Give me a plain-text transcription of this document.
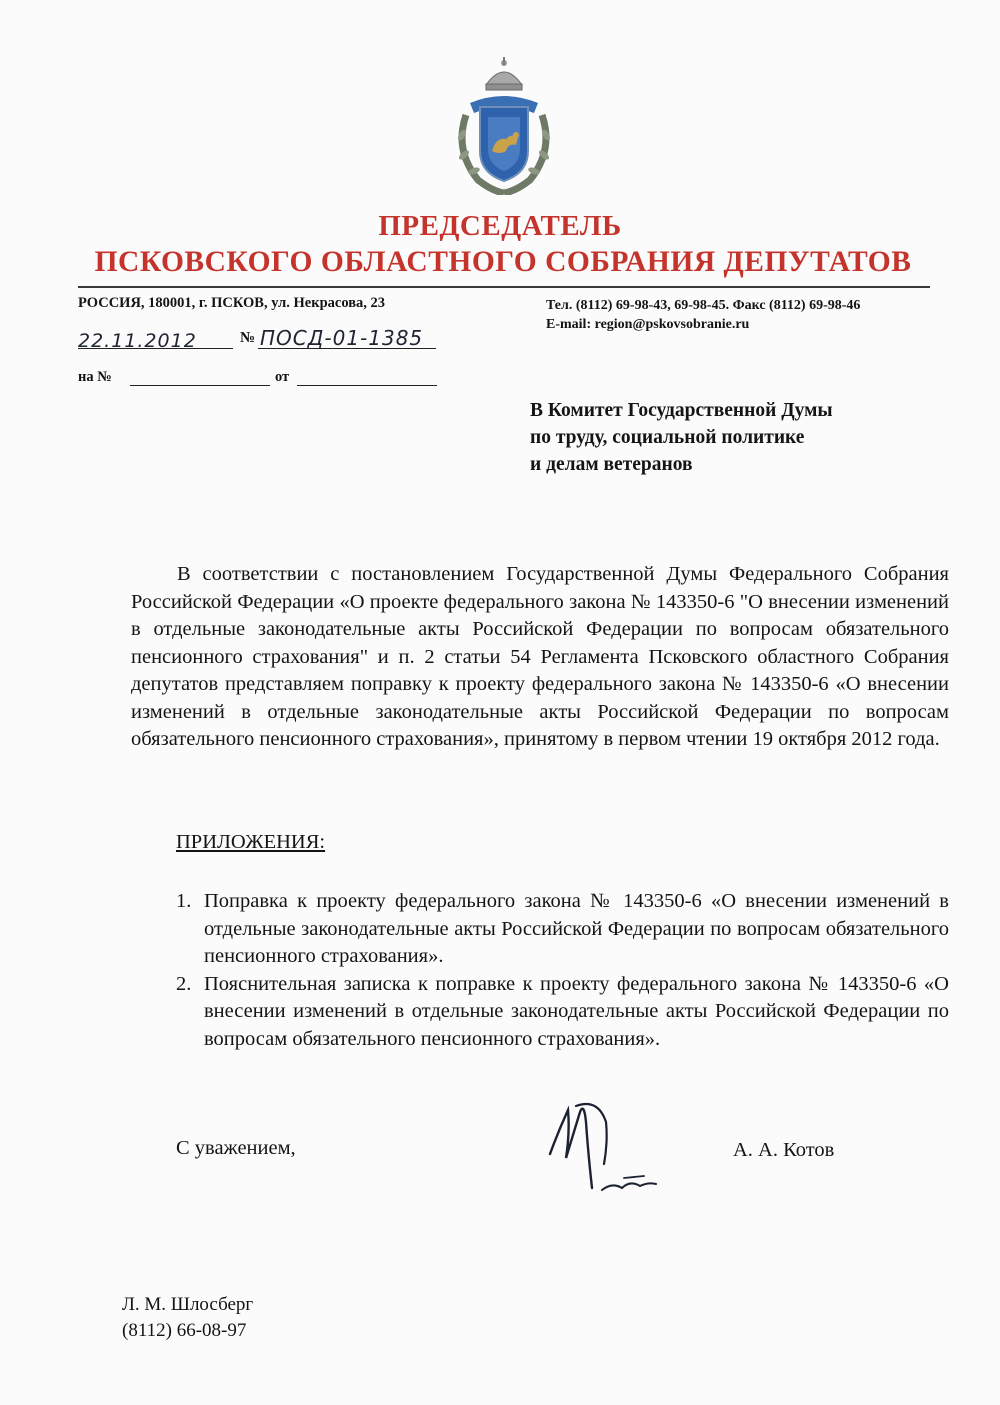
ПРЕДСЕДАТЕЛЬ
ПСКОВСКОГО ОБЛАСТНОГО СОБРАНИЯ ДЕПУТАТОВ
РОССИЯ, 180001, г. ПСКОВ, ул. Некрасова, 23	Тел. (8112) 69-98-43, 69-98-45. Факс (8112) 69-98-46
E-mail: region@pskovsobranie.ru
22.11.2012	№ ПОСД-01-1385
на №	от
В Комитет Государственной Думы
по труду, социальной политике
и делам ветеранов
В соответствии с постановлением Государственной Думы Федерального Собрания Российской Федерации «О проекте федерального закона № 143350-6 "О внесении изменений в отдельные законодательные акты Российской Федерации по вопросам обязательного пенсионного страхования" и п. 2 статьи 54 Регламента Псковского областного Собрания депутатов представляем поправку к проекту федерального закона № 143350-6 «О внесении изменений в отдельные законодательные акты Российской Федерации по вопросам обязательного пенсионного страхования», принятому в первом чтении 19 октября 2012 года.
ПРИЛОЖЕНИЯ:
1. Поправка к проекту федерального закона № 143350-6 «О внесении изменений в отдельные законодательные акты Российской Федерации по вопросам обязательного пенсионного страхования».
2. Пояснительная записка к поправке к проекту федерального закона № 143350-6 «О внесении изменений в отдельные законодательные акты Российской Федерации по вопросам обязательного пенсионного страхования».
С уважением,	А. А. Котов
Л. М. Шлосберг
(8112) 66-08-97
